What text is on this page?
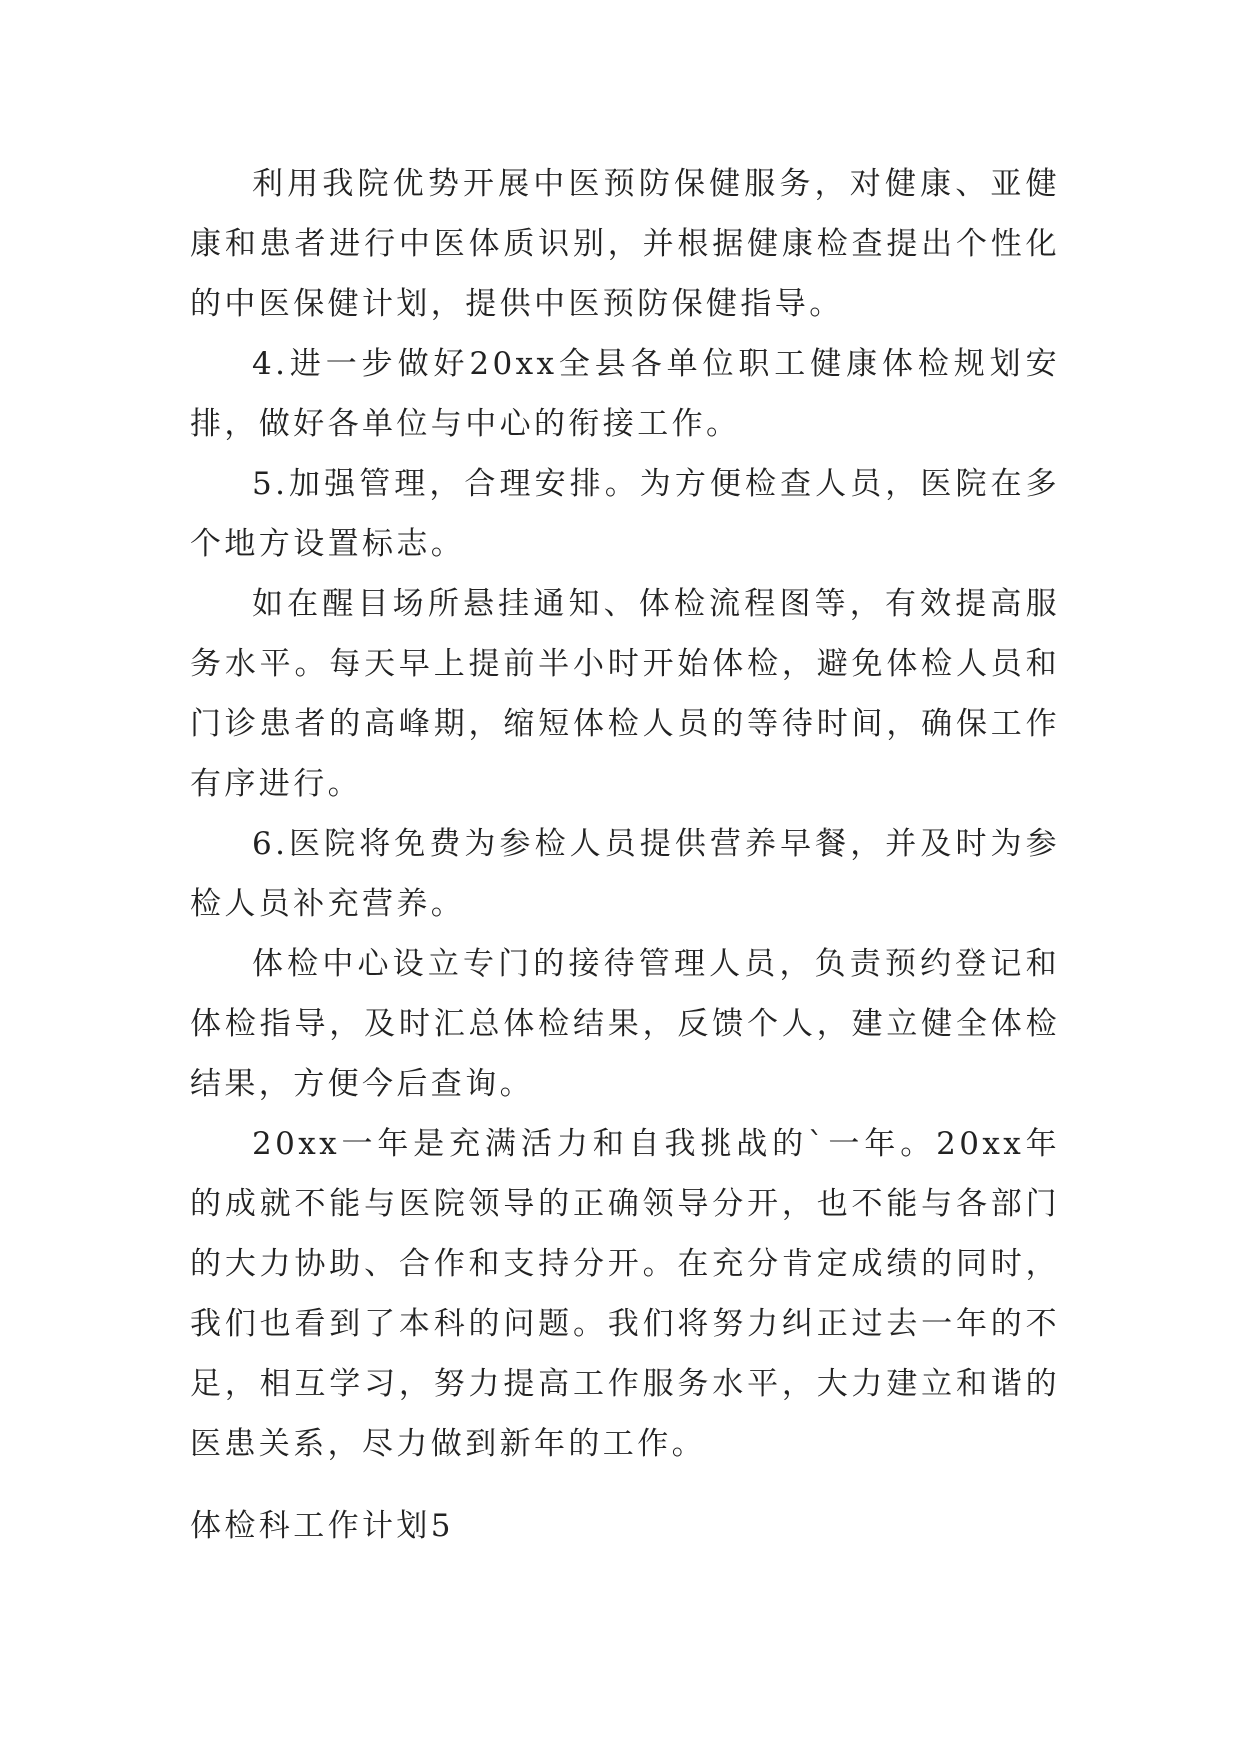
利用我院优势开展中医预防保健服务，对健康、亚健康和患者进行中医体质识别，并根据健康检查提出个性化的中医保健计划，提供中医预防保健指导。

4.进一步做好20xx全县各单位职工健康体检规划安排，做好各单位与中心的衔接工作。

5.加强管理，合理安排。为方便检查人员，医院在多个地方设置标志。

如在醒目场所悬挂通知、体检流程图等，有效提高服务水平。每天早上提前半小时开始体检，避免体检人员和门诊患者的高峰期，缩短体检人员的等待时间，确保工作有序进行。

6.医院将免费为参检人员提供营养早餐，并及时为参检人员补充营养。

体检中心设立专门的接待管理人员，负责预约登记和体检指导，及时汇总体检结果，反馈个人，建立健全体检结果，方便今后查询。

20xx一年是充满活力和自我挑战的`一年。20xx年的成就不能与医院领导的正确领导分开，也不能与各部门的大力协助、合作和支持分开。在充分肯定成绩的同时，我们也看到了本科的问题。我们将努力纠正过去一年的不足，相互学习，努力提高工作服务水平，大力建立和谐的医患关系，尽力做到新年的工作。

体检科工作计划5
